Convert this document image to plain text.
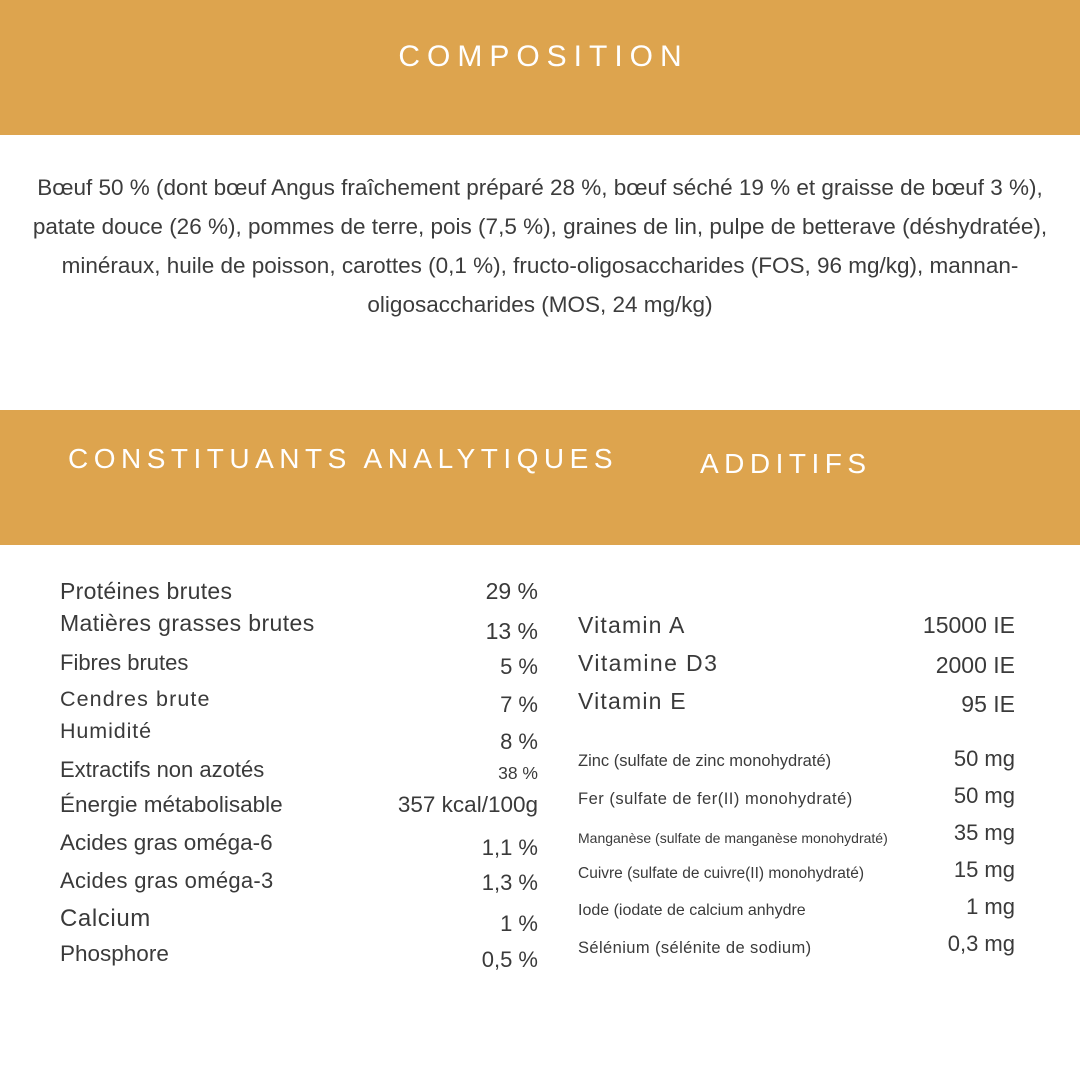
COMPOSITION
Bœuf 50 % (dont bœuf Angus fraîchement préparé 28 %, bœuf séché 19 % et graisse de bœuf 3 %), patate douce (26 %), pommes de terre, pois (7,5 %), graines de lin, pulpe de betterave (déshydratée), minéraux, huile de poisson, carottes (0,1 %), fructo-oligosaccharides (FOS, 96 mg/kg), mannan-oligosaccharides (MOS, 24 mg/kg)
CONSTITUANTS ANALYTIQUES	ADDITIFS
Protéines brutes	29 %
Matières grasses brutes	13 %
Fibres brutes	5 %
Cendres brute	7 %
Humidité	8 %
Extractifs non azotés	38 %
Énergie métabolisable	357 kcal/100g
Acides gras oméga-6	1,1 %
Acides gras oméga-3	1,3 %
Calcium	1 %
Phosphore	0,5 %
Vitamin A	15000 IE
Vitamine D3	2000 IE
Vitamin E	95 IE
Zinc (sulfate de zinc monohydraté)	50 mg
Fer (sulfate de fer(II) monohydraté)	50 mg
Manganèse (sulfate de manganèse monohydraté)	35 mg
Cuivre (sulfate de cuivre(II) monohydraté)	15 mg
Iode (iodate de calcium anhydre	1 mg
Sélénium (sélénite de sodium)	0,3 mg
